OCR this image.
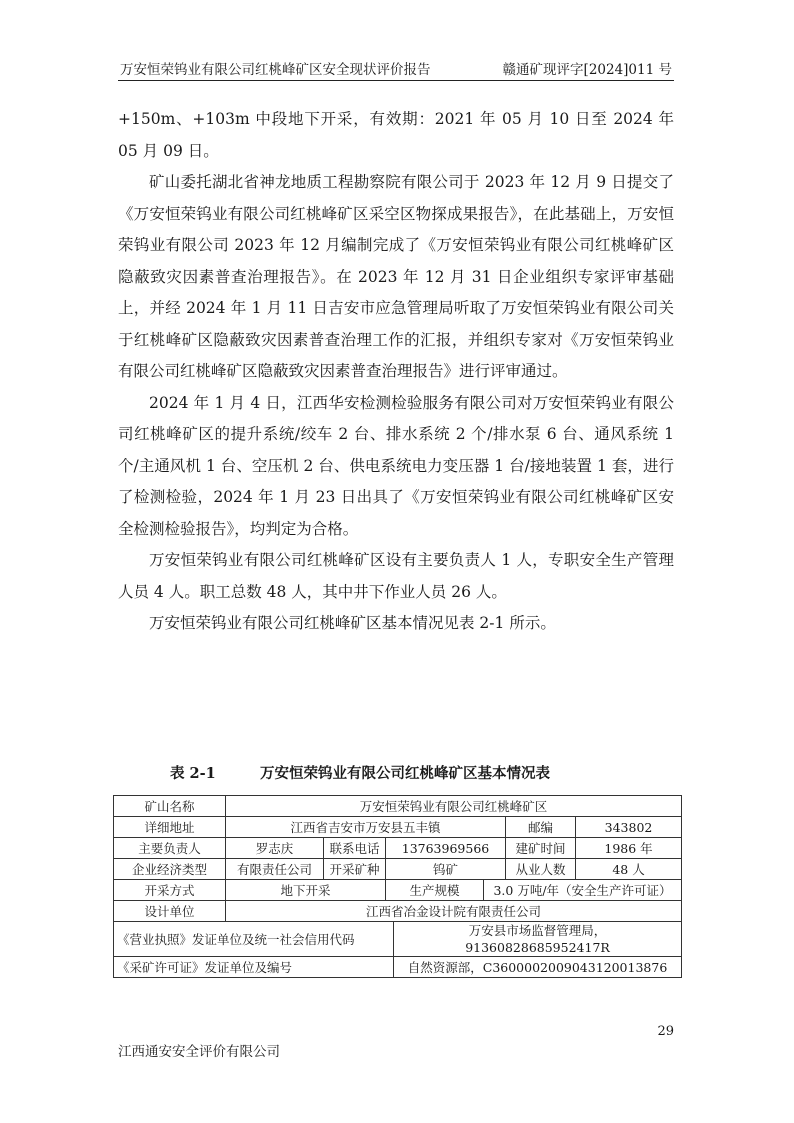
万安恒荣钨业有限公司红桃峰矿区安全现状评价报告	赣通矿现评字[2024]011 号

+150m、+103m 中段地下开采，有效期：2021 年 05 月 10 日至 2024 年 05 月 09 日。

矿山委托湖北省神龙地质工程勘察院有限公司于 2023 年 12 月 9 日提交了《万安恒荣钨业有限公司红桃峰矿区采空区物探成果报告》，在此基础上，万安恒荣钨业有限公司 2023 年 12 月编制完成了《万安恒荣钨业有限公司红桃峰矿区隐蔽致灾因素普查治理报告》。在 2023 年 12 月 31 日企业组织专家评审基础上，并经 2024 年 1 月 11 日吉安市应急管理局听取了万安恒荣钨业有限公司关于红桃峰矿区隐蔽致灾因素普查治理工作的汇报，并组织专家对《万安恒荣钨业有限公司红桃峰矿区隐蔽致灾因素普查治理报告》进行评审通过。

2024 年 1 月 4 日，江西华安检测检验服务有限公司对万安恒荣钨业有限公司红桃峰矿区的提升系统/绞车 2 台、排水系统 2 个/排水泵 6 台、通风系统 1 个/主通风机 1 台、空压机 2 台、供电系统电力变压器 1 台/接地装置 1 套，进行了检测检验，2024 年 1 月 23 日出具了《万安恒荣钨业有限公司红桃峰矿区安全检测检验报告》，均判定为合格。

万安恒荣钨业有限公司红桃峰矿区设有主要负责人 1 人，专职安全生产管理人员 4 人。职工总数 48 人，其中井下作业人员 26 人。

万安恒荣钨业有限公司红桃峰矿区基本情况见表 2-1 所示。

表 2-1	万安恒荣钨业有限公司红桃峰矿区基本情况表
矿山名称	万安恒荣钨业有限公司红桃峰矿区						
详细地址	江西省吉安市万安县五丰镇					邮编	343802
主要负责人	罗志庆	联系电话	13763969566			建矿时间	1986 年
企业经济类型	有限责任公司	开采矿种	钨矿			从业人数	48 人
开采方式	地下开采		生产规模		3.0 万吨/年（安全生产许可证）		
设计单位	江西省冶金设计院有限责任公司						
《营业执照》发证单位及统一社会信用代码				万安县市场监督管理局，91360828685952417R			
《采矿许可证》发证单位及编号				自然资源部，C3600002009043120013876			
29
江西通安安全评价有限公司
